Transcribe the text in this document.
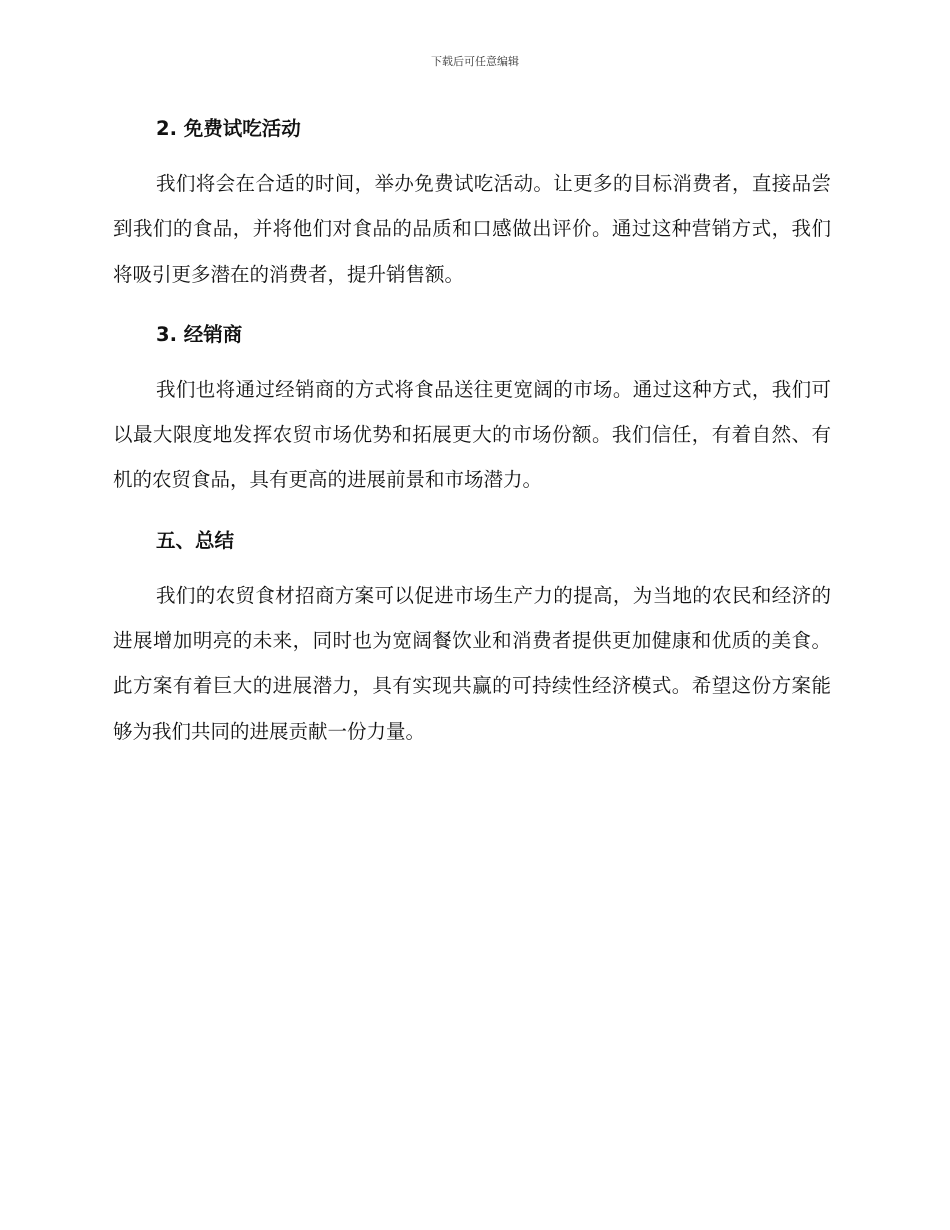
下载后可任意编辑
2. 免费试吃活动

我们将会在合适的时间，举办免费试吃活动。让更多的目标消费者，直接品尝到我们的食品，并将他们对食品的品质和口感做出评价。通过这种营销方式，我们将吸引更多潜在的消费者，提升销售额。

3. 经销商

我们也将通过经销商的方式将食品送往更宽阔的市场。通过这种方式，我们可以最大限度地发挥农贸市场优势和拓展更大的市场份额。我们信任，有着自然、有机的农贸食品，具有更高的进展前景和市场潜力。

五、总结

我们的农贸食材招商方案可以促进市场生产力的提高，为当地的农民和经济的进展增加明亮的未来，同时也为宽阔餐饮业和消费者提供更加健康和优质的美食。此方案有着巨大的进展潜力，具有实现共赢的可持续性经济模式。希望这份方案能够为我们共同的进展贡献一份力量。
